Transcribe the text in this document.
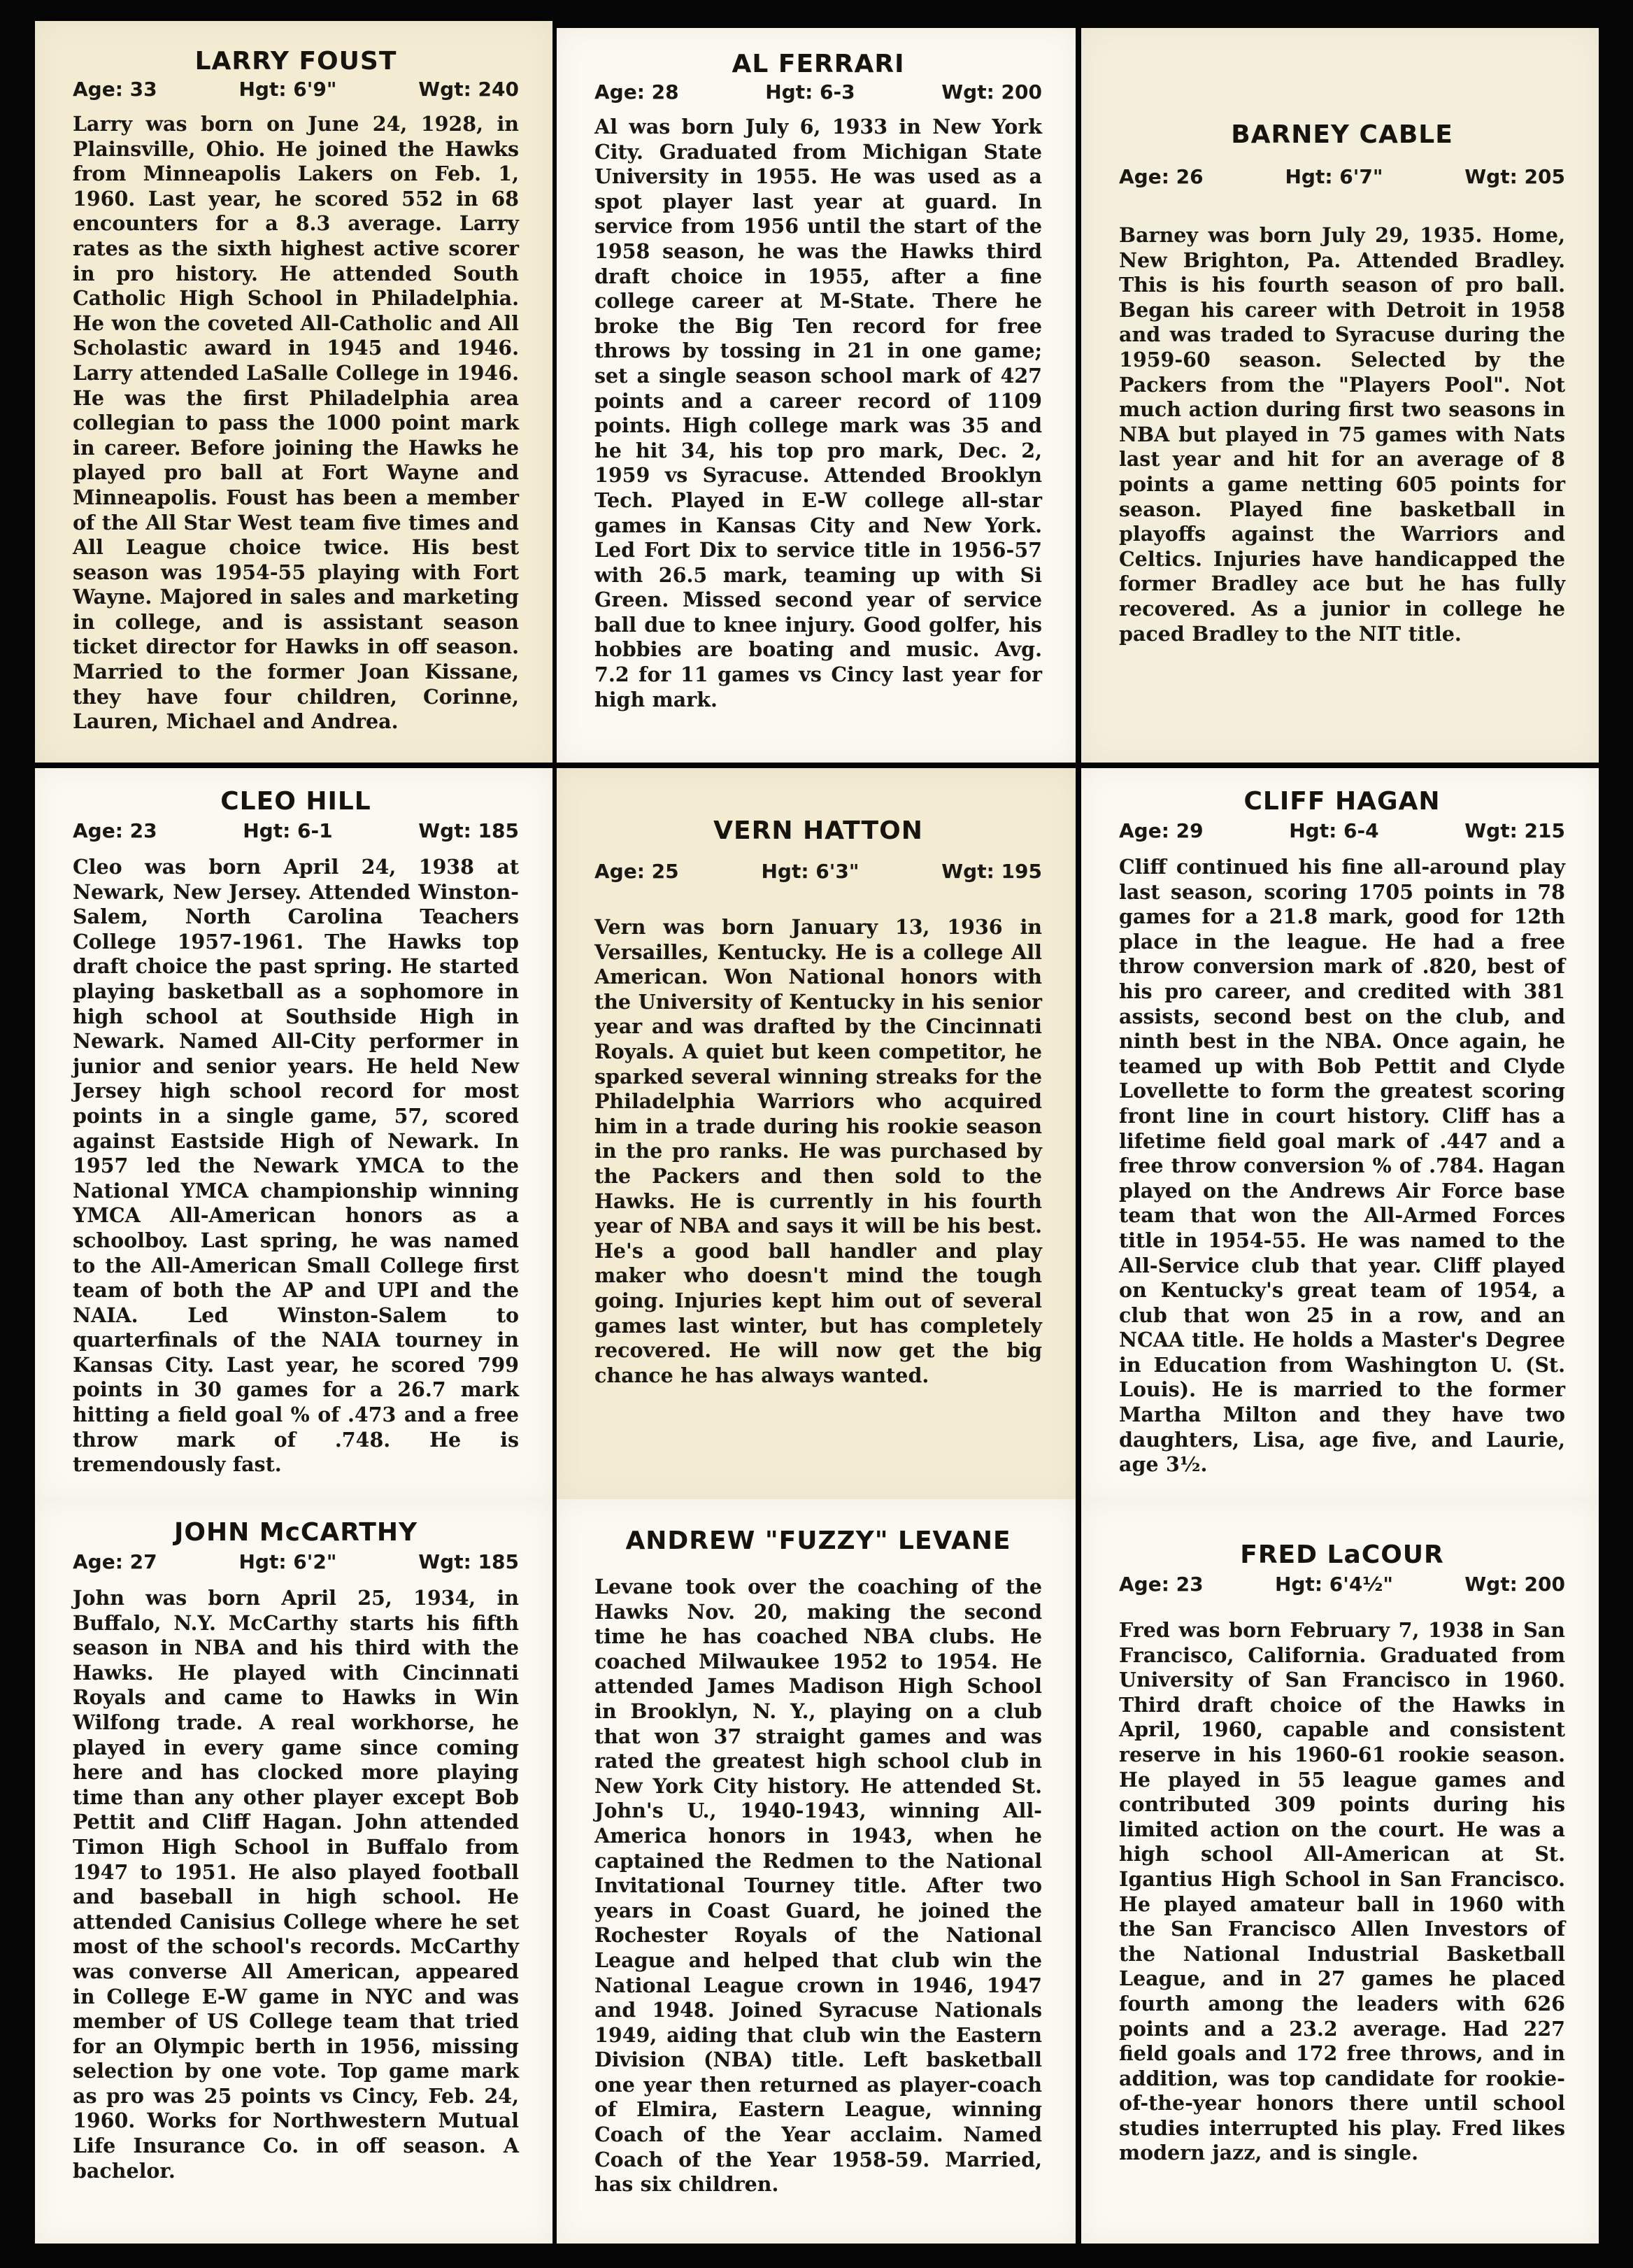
LARRY FOUST
Age: 33	Hgt: 6'9"	Wgt: 240

Larry was born on June 24, 1928, in Plainsville, Ohio. He joined the Hawks from Minneapolis Lakers on Feb. 1, 1960. Last year, he scored 552 in 68 encounters for a 8.3 average. Larry rates as the sixth highest active scorer in pro history. He attended South Catholic High School in Philadelphia. He won the coveted All-Catholic and All Scholastic award in 1945 and 1946. Larry attended LaSalle College in 1946. He was the first Philadelphia area collegian to pass the 1000 point mark in career. Before joining the Hawks he played pro ball at Fort Wayne and Minneapolis. Foust has been a member of the All Star West team five times and All League choice twice. His best season was 1954-55 playing with Fort Wayne. Majored in sales and marketing in college, and is assistant season ticket director for Hawks in off season. Married to the former Joan Kissane, they have four children, Corinne, Lauren, Michael and Andrea.

AL FERRARI
Age: 28	Hgt: 6-3	Wgt: 200

Al was born July 6, 1933 in New York City. Graduated from Michigan State University in 1955. He was used as a spot player last year at guard. In service from 1956 until the start of the 1958 season, he was the Hawks third draft choice in 1955, after a fine college career at M-State. There he broke the Big Ten record for free throws by tossing in 21 in one game; set a single season school mark of 427 points and a career record of 1109 points. High college mark was 35 and he hit 34, his top pro mark, Dec. 2, 1959 vs Syracuse. Attended Brooklyn Tech. Played in E-W college all-star games in Kansas City and New York. Led Fort Dix to service title in 1956-57 with 26.5 mark, teaming up with Si Green. Missed second year of service ball due to knee injury. Good golfer, his hobbies are boating and music. Avg. 7.2 for 11 games vs Cincy last year for high mark.

BARNEY CABLE
Age: 26	Hgt: 6'7"	Wgt: 205

Barney was born July 29, 1935. Home, New Brighton, Pa. Attended Bradley. This is his fourth season of pro ball. Began his career with Detroit in 1958 and was traded to Syracuse during the 1959-60 season. Selected by the Packers from the "Players Pool". Not much action during first two seasons in NBA but played in 75 games with Nats last year and hit for an average of 8 points a game netting 605 points for season. Played fine basketball in playoffs against the Warriors and Celtics. Injuries have handicapped the former Bradley ace but he has fully recovered. As a junior in college he paced Bradley to the NIT title.

CLEO HILL
Age: 23	Hgt: 6-1	Wgt: 185

Cleo was born April 24, 1938 at Newark, New Jersey. Attended Winston-Salem, North Carolina Teachers College 1957-1961. The Hawks top draft choice the past spring. He started playing basketball as a sophomore in high school at Southside High in Newark. Named All-City performer in junior and senior years. He held New Jersey high school record for most points in a single game, 57, scored against Eastside High of Newark. In 1957 led the Newark YMCA to the National YMCA championship winning YMCA All-American honors as a schoolboy. Last spring, he was named to the All-American Small College first team of both the AP and UPI and the NAIA. Led Winston-Salem to quarterfinals of the NAIA tourney in Kansas City. Last year, he scored 799 points in 30 games for a 26.7 mark hitting a field goal % of .473 and a free throw mark of .748. He is tremendously fast.

VERN HATTON
Age: 25	Hgt: 6'3"	Wgt: 195

Vern was born January 13, 1936 in Versailles, Kentucky. He is a college All American. Won National honors with the University of Kentucky in his senior year and was drafted by the Cincinnati Royals. A quiet but keen competitor, he sparked several winning streaks for the Philadelphia Warriors who acquired him in a trade during his rookie season in the pro ranks. He was purchased by the Packers and then sold to the Hawks. He is currently in his fourth year of NBA and says it will be his best. He's a good ball handler and play maker who doesn't mind the tough going. Injuries kept him out of several games last winter, but has completely recovered. He will now get the big chance he has always wanted.

CLIFF HAGAN
Age: 29	Hgt: 6-4	Wgt: 215

Cliff continued his fine all-around play last season, scoring 1705 points in 78 games for a 21.8 mark, good for 12th place in the league. He had a free throw conversion mark of .820, best of his pro career, and credited with 381 assists, second best on the club, and ninth best in the NBA. Once again, he teamed up with Bob Pettit and Clyde Lovellette to form the greatest scoring front line in court history. Cliff has a lifetime field goal mark of .447 and a free throw conversion % of .784. Hagan played on the Andrews Air Force base team that won the All-Armed Forces title in 1954-55. He was named to the All-Service club that year. Cliff played on Kentucky's great team of 1954, a club that won 25 in a row, and an NCAA title. He holds a Master's Degree in Education from Washington U. (St. Louis). He is married to the former Martha Milton and they have two daughters, Lisa, age five, and Laurie, age 3½.

JOHN McCARTHY
Age: 27	Hgt: 6'2"	Wgt: 185

John was born April 25, 1934, in Buffalo, N.Y. McCarthy starts his fifth season in NBA and his third with the Hawks. He played with Cincinnati Royals and came to Hawks in Win Wilfong trade. A real workhorse, he played in every game since coming here and has clocked more playing time than any other player except Bob Pettit and Cliff Hagan. John attended Timon High School in Buffalo from 1947 to 1951. He also played football and baseball in high school. He attended Canisius College where he set most of the school's records. McCarthy was converse All American, appeared in College E-W game in NYC and was member of US College team that tried for an Olympic berth in 1956, missing selection by one vote. Top game mark as pro was 25 points vs Cincy, Feb. 24, 1960. Works for Northwestern Mutual Life Insurance Co. in off season. A bachelor.

ANDREW "FUZZY" LEVANE

Levane took over the coaching of the Hawks Nov. 20, making the second time he has coached NBA clubs. He coached Milwaukee 1952 to 1954. He attended James Madison High School in Brooklyn, N. Y., playing on a club that won 37 straight games and was rated the greatest high school club in New York City history. He attended St. John's U., 1940-1943, winning All-America honors in 1943, when he captained the Redmen to the National Invitational Tourney title. After two years in Coast Guard, he joined the Rochester Royals of the National League and helped that club win the National League crown in 1946, 1947 and 1948. Joined Syracuse Nationals 1949, aiding that club win the Eastern Division (NBA) title. Left basketball one year then returned as player-coach of Elmira, Eastern League, winning Coach of the Year acclaim. Named Coach of the Year 1958-59. Married, has six children.

FRED LaCOUR
Age: 23	Hgt: 6'4½"	Wgt: 200

Fred was born February 7, 1938 in San Francisco, California. Graduated from University of San Francisco in 1960. Third draft choice of the Hawks in April, 1960, capable and consistent reserve in his 1960-61 rookie season. He played in 55 league games and contributed 309 points during his limited action on the court. He was a high school All-American at St. Igantius High School in San Francisco. He played amateur ball in 1960 with the San Francisco Allen Investors of the National Industrial Basketball League, and in 27 games he placed fourth among the leaders with 626 points and a 23.2 average. Had 227 field goals and 172 free throws, and in addition, was top candidate for rookie-of-the-year honors there until school studies interrupted his play. Fred likes modern jazz, and is single.
